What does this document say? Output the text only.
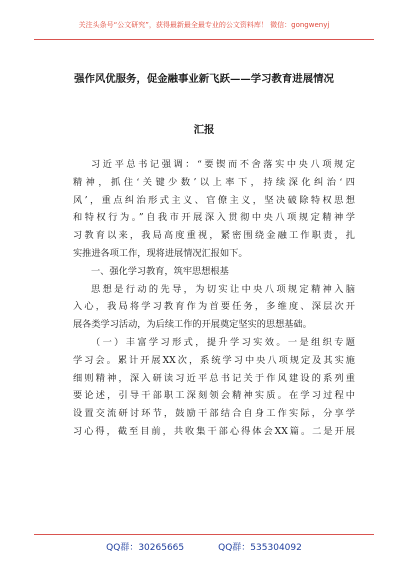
关注头条号“公文研究”，获得最新最全最专业的公文资料库！ 微信：gongwenyj
强作风优服务，促金融事业新飞跃——学习教育进展情况
汇报
习近平总书记强调：“要锲而不舍落实中央八项规定
精神，抓住‘关键少数’以上率下，持续深化纠治‘四
风’，重点纠治形式主义、官僚主义，坚决破除特权思想
和特权行为。”自我市开展深入贯彻中央八项规定精神学
习教育以来，我局高度重视，紧密围绕金融工作职责，扎
实推进各项工作，现将进展情况汇报如下。
一、强化学习教育，筑牢思想根基
思想是行动的先导，为切实让中央八项规定精神入脑
入心，我局将学习教育作为首要任务，多维度、深层次开
展各类学习活动，为后续工作的开展奠定坚实的思想基础。
（一）丰富学习形式，提升学习实效。一是组织专题
学习会。累计开展XX次，系统学习中央八项规定及其实施
细则精神，深入研读习近平总书记关于作风建设的系列重
要论述，引导干部职工深刻领会精神实质。在学习过程中
设置交流研讨环节，鼓励干部结合自身工作实际，分享学
习心得，截至目前，共收集干部心得体会XX篇。二是开展
QQ群：30265665	QQ群：535304092
